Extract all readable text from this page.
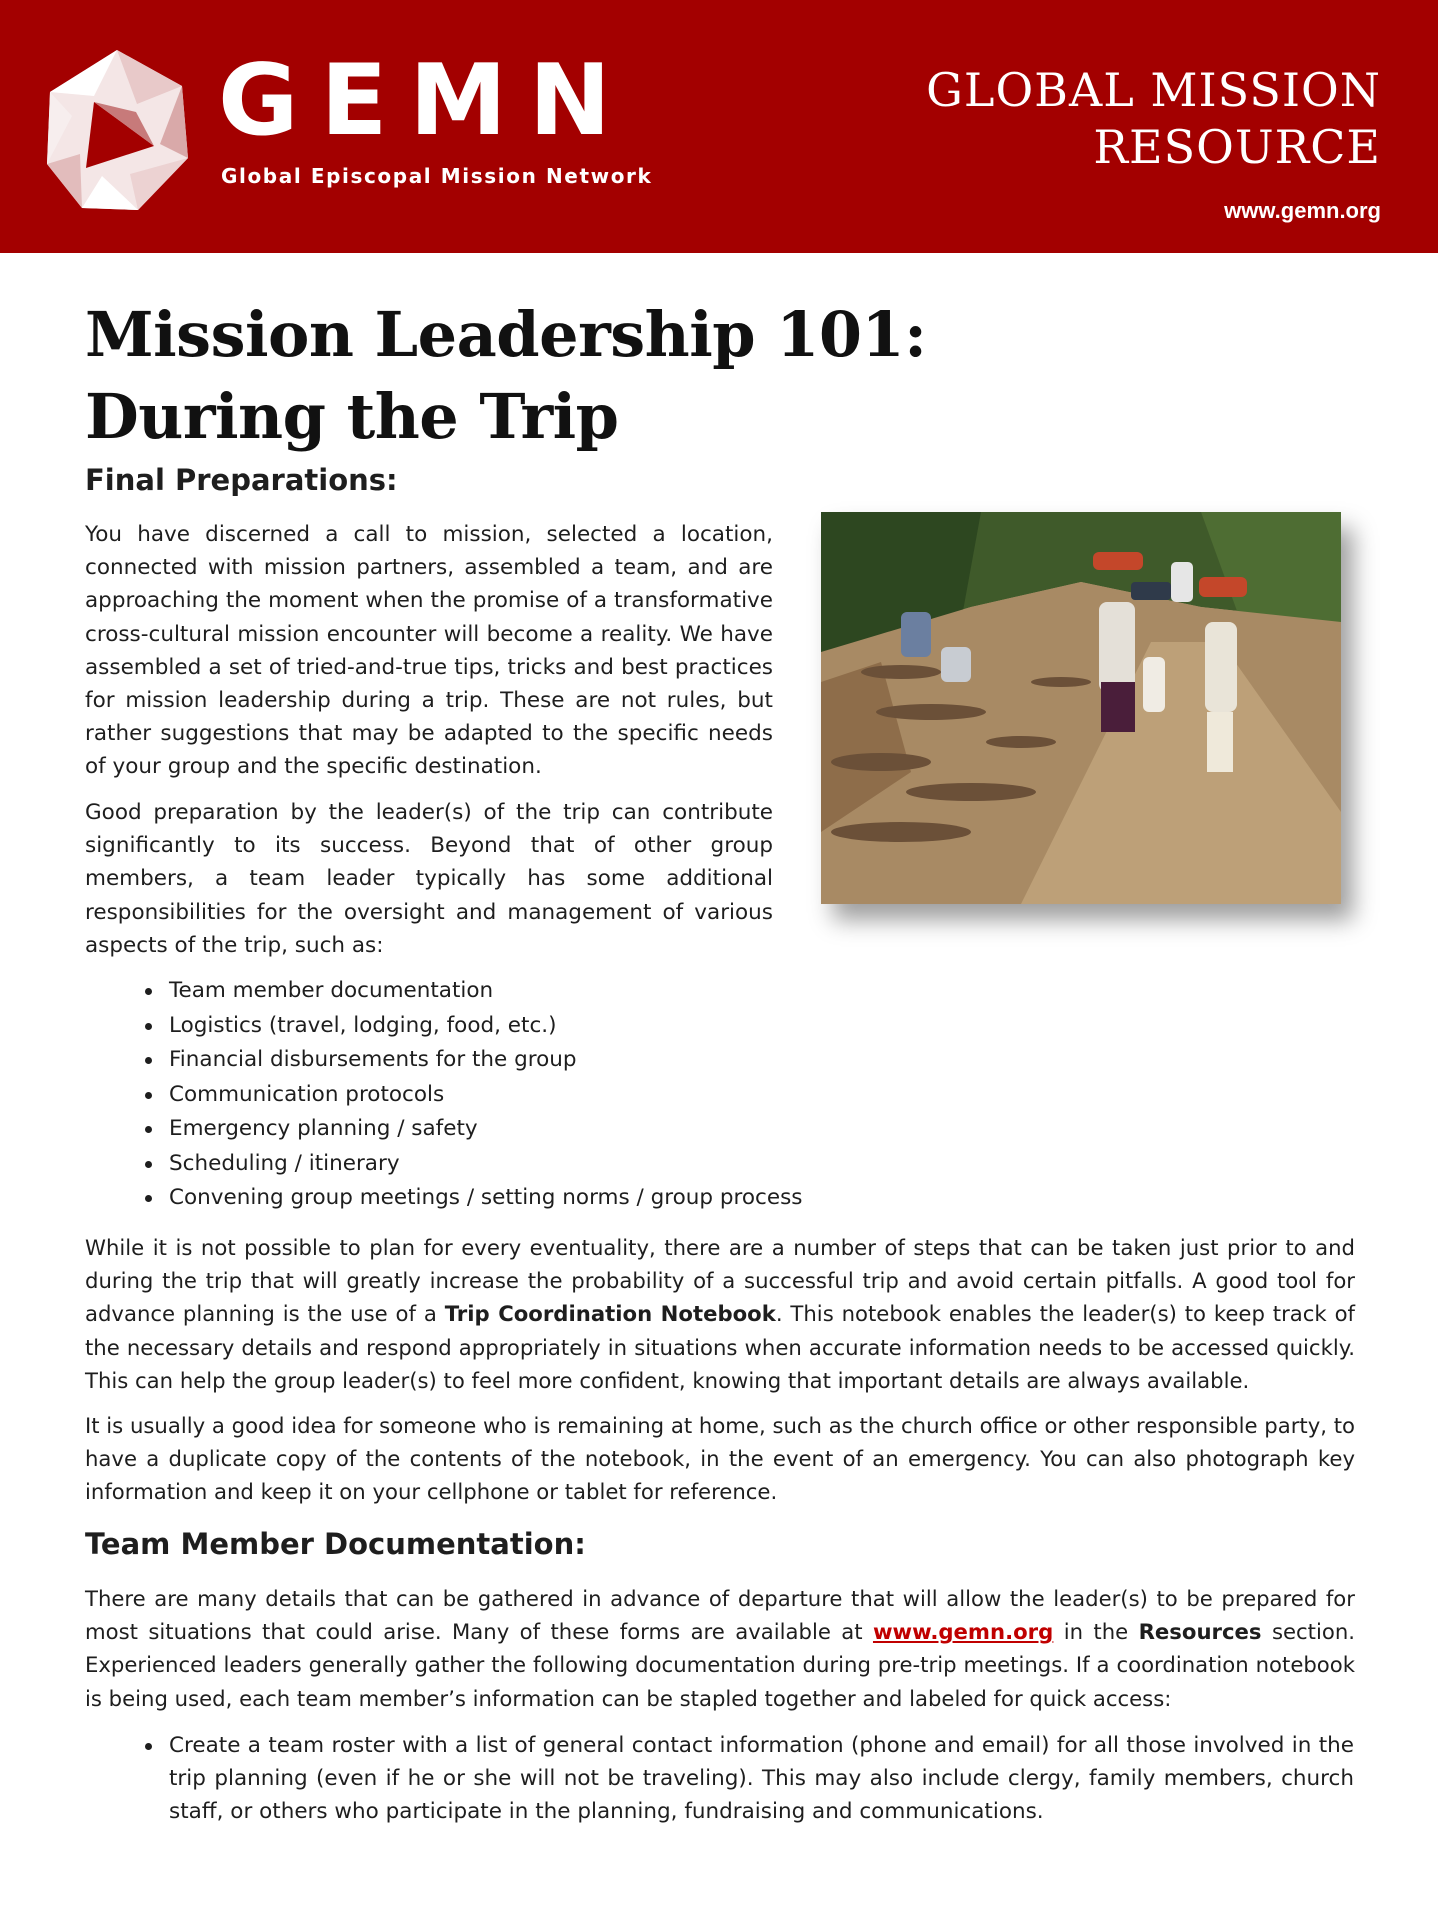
GEMN
Global Episcopal Mission Network
GLOBAL MISSION RESOURCE
www.gemn.org
Mission Leadership 101:
During the Trip
Final Preparations:

You have discerned a call to mission, selected a location, connected with mission partners, assembled a team, and are approaching the moment when the promise of a transformative cross-cultural mission encounter will become a reality. We have assembled a set of tried-and-true tips, tricks and best practices for mission leadership during a trip. These are not rules, but rather suggestions that may be adapted to the specific needs of your group and the specific destination.

Good preparation by the leader(s) of the trip can contribute significantly to its success. Beyond that of other group members, a team leader typically has some additional responsibilities for the oversight and management of various aspects of the trip, such as:

Team member documentation
Logistics (travel, lodging, food, etc.)
Financial disbursements for the group
Communication protocols
Emergency planning / safety
Scheduling / itinerary
Convening group meetings / setting norms / group process

While it is not possible to plan for every eventuality, there are a number of steps that can be taken just prior to and during the trip that will greatly increase the probability of a successful trip and avoid certain pitfalls. A good tool for advance planning is the use of a Trip Coordination Notebook. This notebook enables the leader(s) to keep track of the necessary details and respond appropriately in situations when accurate information needs to be accessed quickly. This can help the group leader(s) to feel more confident, knowing that important details are always available.

It is usually a good idea for someone who is remaining at home, such as the church office or other responsible party, to have a duplicate copy of the contents of the notebook, in the event of an emergency. You can also photograph key information and keep it on your cellphone or tablet for reference.

Team Member Documentation:

There are many details that can be gathered in advance of departure that will allow the leader(s) to be prepared for most situations that could arise. Many of these forms are available at www.gemn.org in the Resources section. Experienced leaders generally gather the following documentation during pre-trip meetings. If a coordination notebook is being used, each team member’s information can be stapled together and labeled for quick access:

Create a team roster with a list of general contact information (phone and email) for all those involved in the trip planning (even if he or she will not be traveling). This may also include clergy, family members, church staff, or others who participate in the planning, fundraising and communications.
